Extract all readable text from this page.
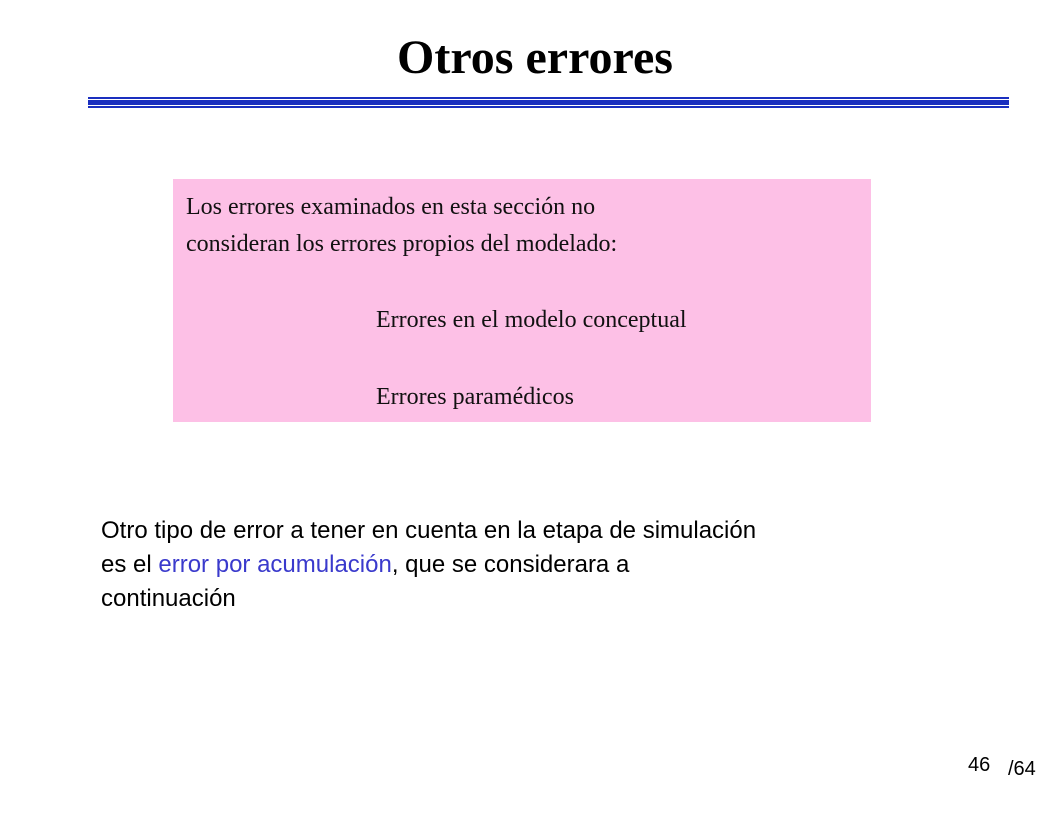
Otros errores
Los errores examinados en esta sección no
consideran los errores propios del modelado:
Errores en el modelo conceptual
Errores paramédicos
Otro tipo de error a tener en cuenta en la etapa de simulación
es el error por acumulación, que se considerara a
continuación
46 /64
